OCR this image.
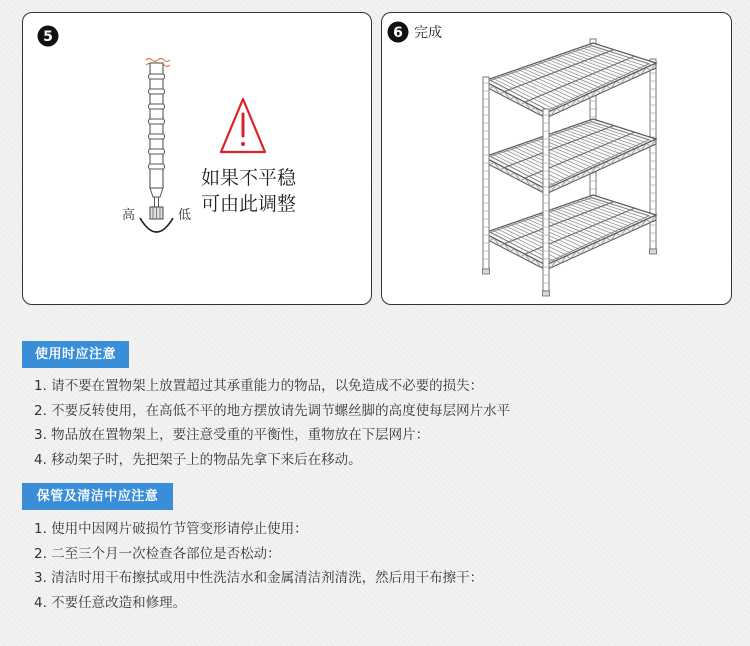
5
高	低
如果不平稳
可由此调整
6 完成
使用时应注意
1. 请不要在置物架上放置超过其承重能力的物品，以免造成不必要的损失：
2. 不要反转使用，在高低不平的地方摆放请先调节螺丝脚的高度使每层网片水平
3. 物品放在置物架上，要注意受重的平衡性，重物放在下层网片：
4. 移动架子时，先把架子上的物品先拿下来后在移动。
保管及清洁中应注意
1. 使用中因网片破损竹节管变形请停止使用：
2. 二至三个月一次检查各部位是否松动：
3. 清洁时用干布擦拭或用中性洗洁水和金属清洁剂清洗，然后用干布擦干：
4. 不要任意改造和修理。
